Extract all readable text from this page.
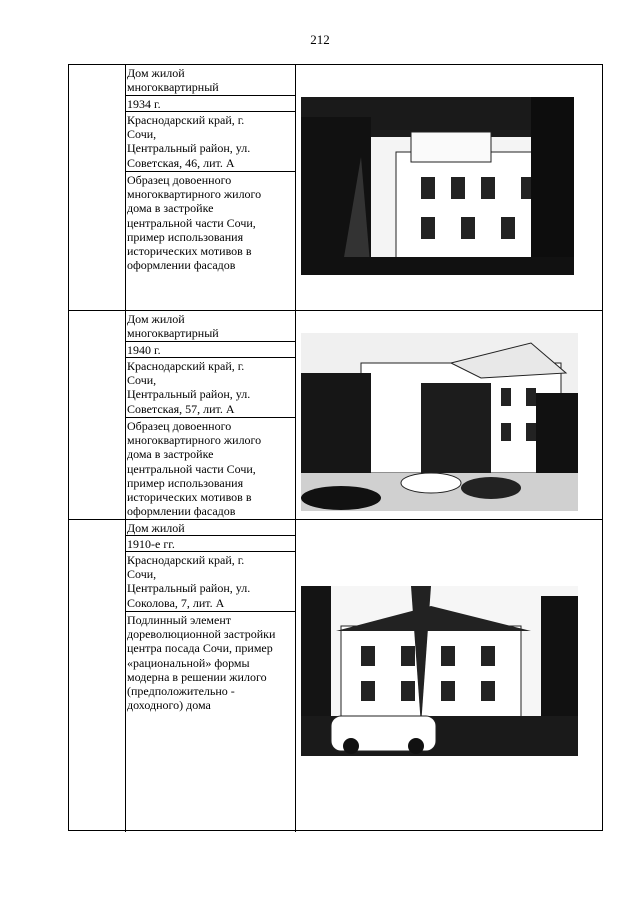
212
Дом жилой
многоквартирный
1934 г.
Краснодарский край, г.
Сочи,
Центральный район, ул.
Советская, 46, лит. А
Образец довоенного
многоквартирного жилого
дома в застройке
центральной части Сочи,
пример использования
исторических мотивов в
оформлении фасадов
Дом жилой
многоквартирный
1940 г.
Краснодарский край, г.
Сочи,
Центральный район, ул.
Советская, 57, лит. А
Образец довоенного
многоквартирного жилого
дома в застройке
центральной части Сочи,
пример использования
исторических мотивов в
оформлении фасадов
Дом жилой
1910-е гг.
Краснодарский край, г.
Сочи,
Центральный район, ул.
Соколова, 7, лит. А
Подлинный элемент
дореволюционной застройки
центра посада Сочи, пример
«рациональной» формы
модерна в решении жилого
(предположительно -
доходного) дома
